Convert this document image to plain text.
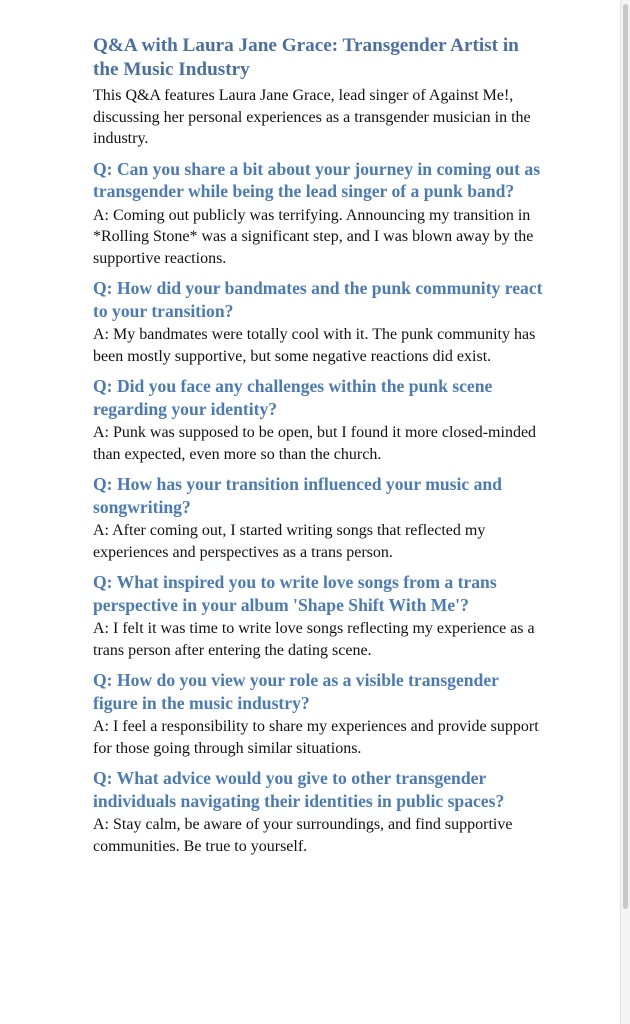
Q&A with Laura Jane Grace: Transgender Artist in the Music Industry

This Q&A features Laura Jane Grace, lead singer of Against Me!, discussing her personal experiences as a transgender musician in the industry.

Q: Can you share a bit about your journey in coming out as transgender while being the lead singer of a punk band?

A: Coming out publicly was terrifying. Announcing my transition in *Rolling Stone* was a significant step, and I was blown away by the supportive reactions.

Q: How did your bandmates and the punk community react to your transition?

A: My bandmates were totally cool with it. The punk community has been mostly supportive, but some negative reactions did exist.

Q: Did you face any challenges within the punk scene regarding your identity?

A: Punk was supposed to be open, but I found it more closed-minded than expected, even more so than the church.

Q: How has your transition influenced your music and songwriting?

A: After coming out, I started writing songs that reflected my experiences and perspectives as a trans person.

Q: What inspired you to write love songs from a trans perspective in your album 'Shape Shift With Me'?

A: I felt it was time to write love songs reflecting my experience as a trans person after entering the dating scene.

Q: How do you view your role as a visible transgender figure in the music industry?

A: I feel a responsibility to share my experiences and provide support for those going through similar situations.

Q: What advice would you give to other transgender individuals navigating their identities in public spaces?

A: Stay calm, be aware of your surroundings, and find supportive communities. Be true to yourself.
